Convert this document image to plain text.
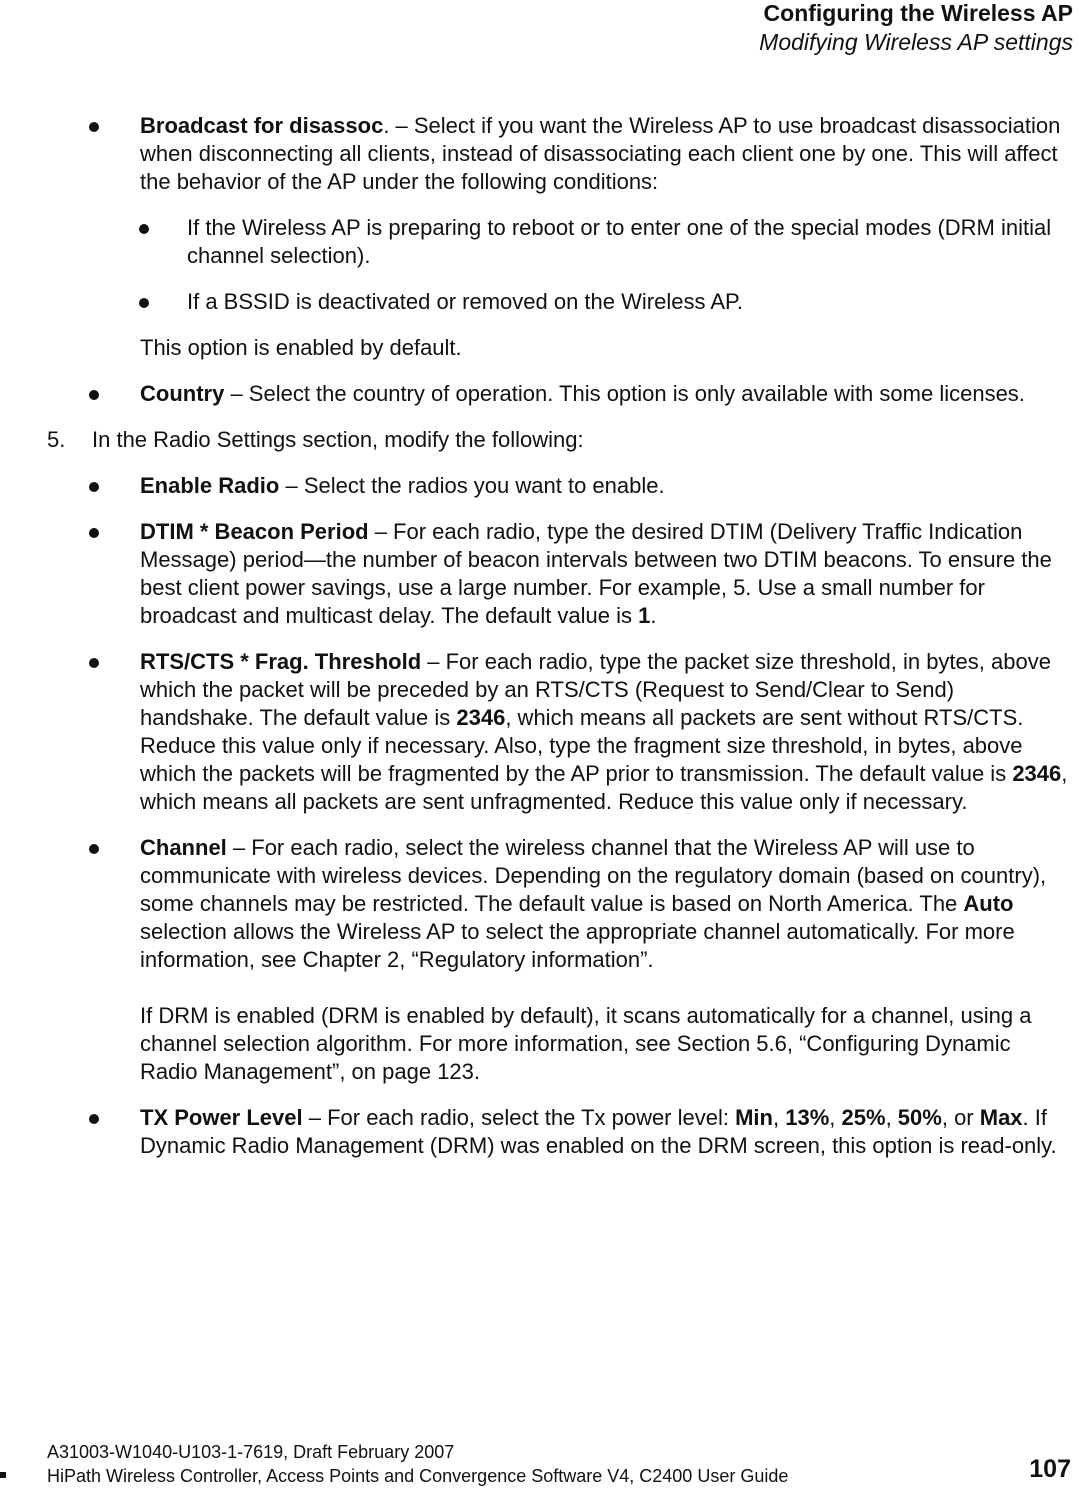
Configuring the Wireless AP
Modifying Wireless AP settings
Broadcast for disassoc. – Select if you want the Wireless AP to use broadcast disassociation when disconnecting all clients, instead of disassociating each client one by one. This will affect the behavior of the AP under the following conditions:
If the Wireless AP is preparing to reboot or to enter one of the special modes (DRM initial channel selection).
If a BSSID is deactivated or removed on the Wireless AP.
This option is enabled by default.
Country – Select the country of operation. This option is only available with some licenses.
5. In the Radio Settings section, modify the following:
Enable Radio – Select the radios you want to enable.
DTIM * Beacon Period – For each radio, type the desired DTIM (Delivery Traffic Indication Message) period—the number of beacon intervals between two DTIM beacons. To ensure the best client power savings, use a large number. For example, 5. Use a small number for broadcast and multicast delay. The default value is 1.
RTS/CTS * Frag. Threshold – For each radio, type the packet size threshold, in bytes, above which the packet will be preceded by an RTS/CTS (Request to Send/Clear to Send) handshake. The default value is 2346, which means all packets are sent without RTS/CTS. Reduce this value only if necessary. Also, type the fragment size threshold, in bytes, above which the packets will be fragmented by the AP prior to transmission. The default value is 2346, which means all packets are sent unfragmented. Reduce this value only if necessary.
Channel – For each radio, select the wireless channel that the Wireless AP will use to communicate with wireless devices. Depending on the regulatory domain (based on country), some channels may be restricted. The default value is based on North America. The Auto selection allows the Wireless AP to select the appropriate channel automatically. For more information, see Chapter 2, “Regulatory information”.
If DRM is enabled (DRM is enabled by default), it scans automatically for a channel, using a channel selection algorithm. For more information, see Section 5.6, “Configuring Dynamic Radio Management”, on page 123.
TX Power Level – For each radio, select the Tx power level: Min, 13%, 25%, 50%, or Max. If Dynamic Radio Management (DRM) was enabled on the DRM screen, this option is read-only.
A31003-W1040-U103-1-7619, Draft February 2007
HiPath Wireless Controller, Access Points and Convergence Software V4, C2400 User Guide	107
